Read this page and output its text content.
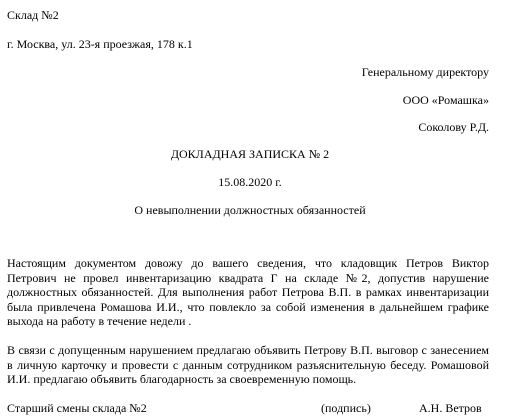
Склад №2
г. Москва, ул. 23-я проезжая, 178 к.1
Генеральному директору
ООО «Ромашка»
Соколову Р.Д.
ДОКЛАДНАЯ ЗАПИСКА № 2
15.08.2020 г.
О невыполнении должностных обязанностей
Настоящим документом довожу до вашего сведения, что кладовщик Петров Виктор Петрович не провел инвентаризацию квадрата Г на складе №2, допустив нарушение должностных обязанностей. Для выполнения работ Петрова В.П. в рамках инвентаризации была привлечена Ромашова И.И., что повлекло за собой изменения в дальнейшем графике выхода на работу в течение недели .
В связи с допущенным нарушением предлагаю объявить Петрову В.П. выговор с занесением в личную карточку и провести с данным сотрудником разъяснительную беседу. Ромашовой И.И. предлагаю объявить благодарность за своевременную помощь.
Старший смены склада №2	(подпись)	А.Н. Ветров
